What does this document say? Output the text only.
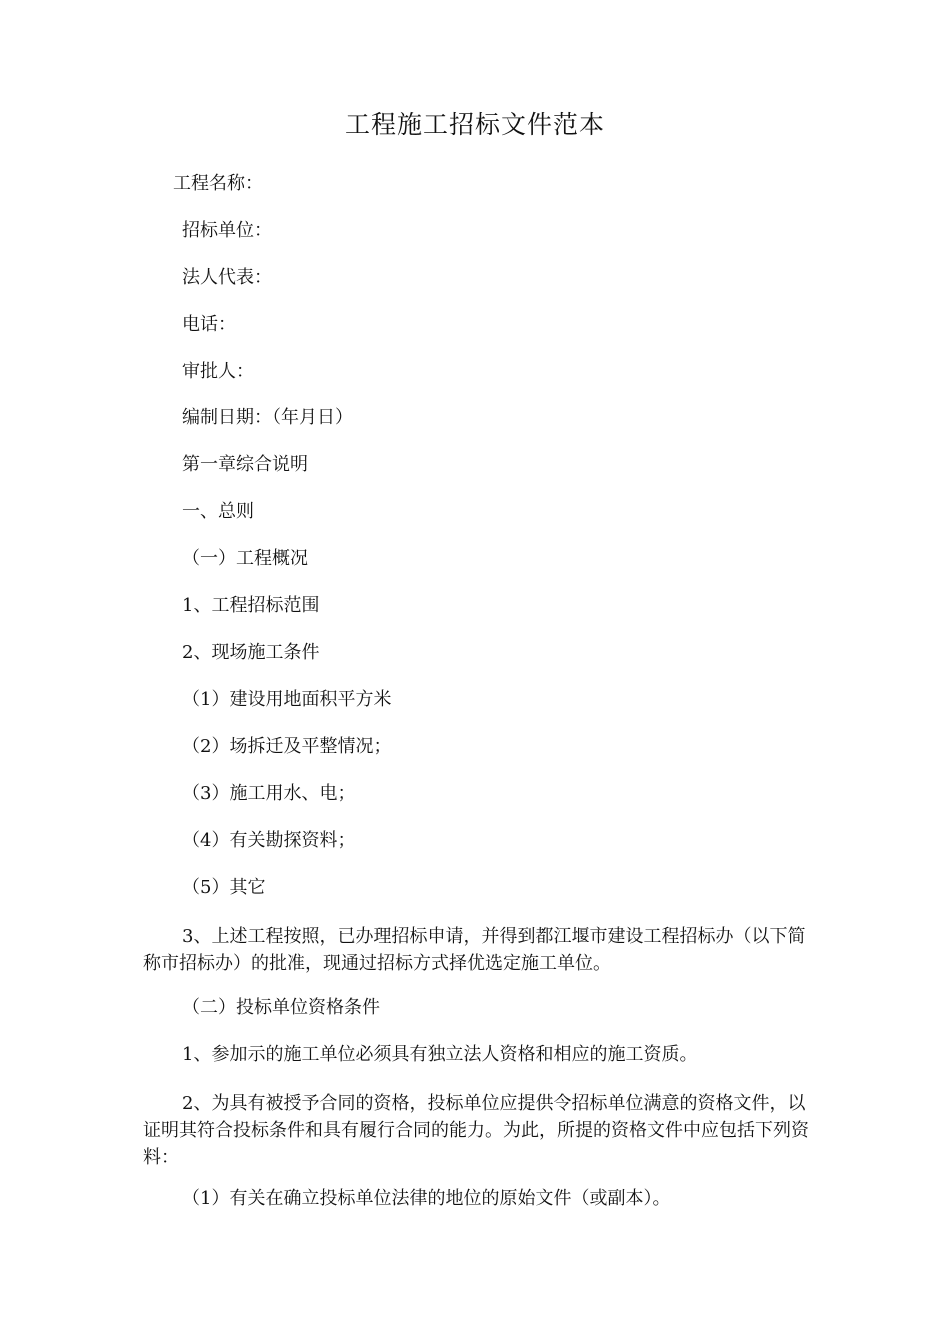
工程施工招标文件范本
工程名称：
招标单位：
法人代表：
电话：
审批人：
编制日期：（年月日）
第一章综合说明
一、总则
（一）工程概况
1、工程招标范围
2、现场施工条件
（1）建设用地面积平方米
（2）场拆迁及平整情况；
（3）施工用水、电；
（4）有关勘探资料；
（5）其它
3、上述工程按照，已办理招标申请，并得到都江堰市建设工程招标办（以下简称市招标办）的批准，现通过招标方式择优选定施工单位。
（二）投标单位资格条件
1、参加示的施工单位必须具有独立法人资格和相应的施工资质。
2、为具有被授予合同的资格，投标单位应提供令招标单位满意的资格文件，以证明其符合投标条件和具有履行合同的能力。为此，所提的资格文件中应包括下列资料：
（1）有关在确立投标单位法律的地位的原始文件（或副本）。
